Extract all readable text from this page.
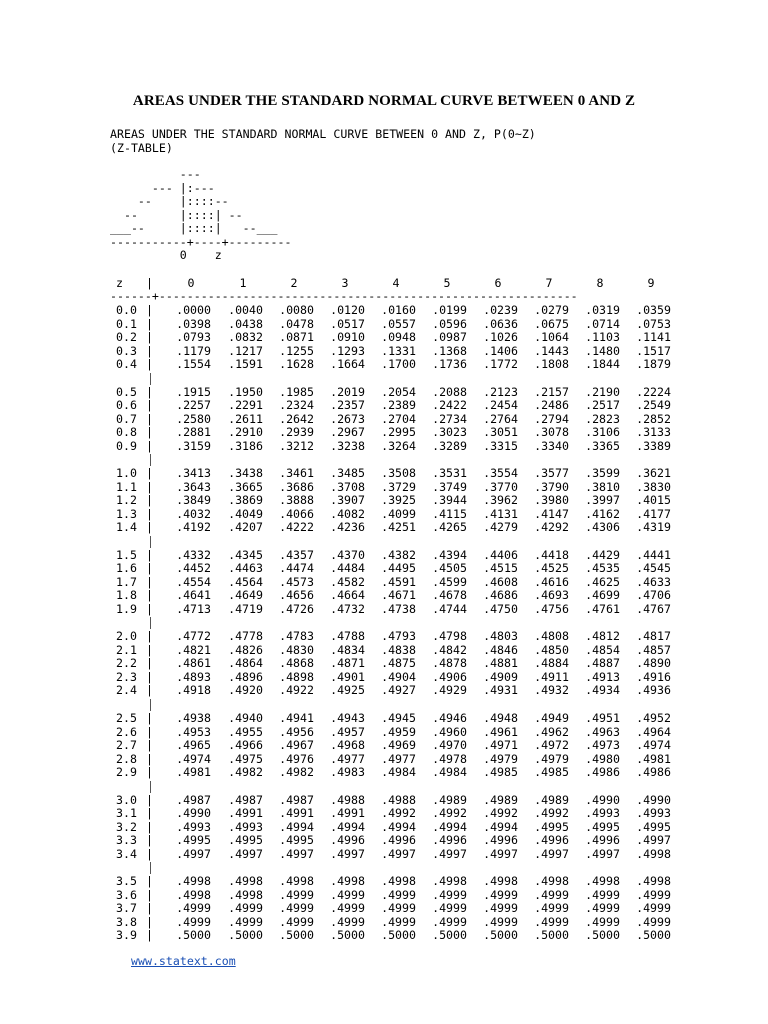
AREAS UNDER THE STANDARD NORMAL CURVE BETWEEN 0 AND Z
AREAS UNDER THE STANDARD NORMAL CURVE BETWEEN 0 AND Z, P(0~Z)
(Z-TABLE)
---
--- |:---
--    |::::--
--      |::::| --
___--     |::::|   --___
-----------+----+---------
0    z
z |	0	1	2	3	4	5	6	7	8	9
------+------------------------------------------------------------
0.0 |	.0000	.0040	.0080	.0120	.0160	.0199	.0239	.0279	.0319	.0359
0.1 |	.0398	.0438	.0478	.0517	.0557	.0596	.0636	.0675	.0714	.0753
0.2 |	.0793	.0832	.0871	.0910	.0948	.0987	.1026	.1064	.1103	.1141
0.3 |	.1179	.1217	.1255	.1293	.1331	.1368	.1406	.1443	.1480	.1517
0.4 |	.1554	.1591	.1628	.1664	.1700	.1736	.1772	.1808	.1844	.1879
0.5 |	.1915	.1950	.1985	.2019	.2054	.2088	.2123	.2157	.2190	.2224
0.6 |	.2257	.2291	.2324	.2357	.2389	.2422	.2454	.2486	.2517	.2549
0.7 |	.2580	.2611	.2642	.2673	.2704	.2734	.2764	.2794	.2823	.2852
0.8 |	.2881	.2910	.2939	.2967	.2995	.3023	.3051	.3078	.3106	.3133
0.9 |	.3159	.3186	.3212	.3238	.3264	.3289	.3315	.3340	.3365	.3389
1.0 |	.3413	.3438	.3461	.3485	.3508	.3531	.3554	.3577	.3599	.3621
1.1 |	.3643	.3665	.3686	.3708	.3729	.3749	.3770	.3790	.3810	.3830
1.2 |	.3849	.3869	.3888	.3907	.3925	.3944	.3962	.3980	.3997	.4015
1.3 |	.4032	.4049	.4066	.4082	.4099	.4115	.4131	.4147	.4162	.4177
1.4 |	.4192	.4207	.4222	.4236	.4251	.4265	.4279	.4292	.4306	.4319
1.5 |	.4332	.4345	.4357	.4370	.4382	.4394	.4406	.4418	.4429	.4441
1.6 |	.4452	.4463	.4474	.4484	.4495	.4505	.4515	.4525	.4535	.4545
1.7 |	.4554	.4564	.4573	.4582	.4591	.4599	.4608	.4616	.4625	.4633
1.8 |	.4641	.4649	.4656	.4664	.4671	.4678	.4686	.4693	.4699	.4706
1.9 |	.4713	.4719	.4726	.4732	.4738	.4744	.4750	.4756	.4761	.4767
2.0 |	.4772	.4778	.4783	.4788	.4793	.4798	.4803	.4808	.4812	.4817
2.1 |	.4821	.4826	.4830	.4834	.4838	.4842	.4846	.4850	.4854	.4857
2.2 |	.4861	.4864	.4868	.4871	.4875	.4878	.4881	.4884	.4887	.4890
2.3 |	.4893	.4896	.4898	.4901	.4904	.4906	.4909	.4911	.4913	.4916
2.4 |	.4918	.4920	.4922	.4925	.4927	.4929	.4931	.4932	.4934	.4936
2.5 |	.4938	.4940	.4941	.4943	.4945	.4946	.4948	.4949	.4951	.4952
2.6 |	.4953	.4955	.4956	.4957	.4959	.4960	.4961	.4962	.4963	.4964
2.7 |	.4965	.4966	.4967	.4968	.4969	.4970	.4971	.4972	.4973	.4974
2.8 |	.4974	.4975	.4976	.4977	.4977	.4978	.4979	.4979	.4980	.4981
2.9 |	.4981	.4982	.4982	.4983	.4984	.4984	.4985	.4985	.4986	.4986
3.0 |	.4987	.4987	.4987	.4988	.4988	.4989	.4989	.4989	.4990	.4990
3.1 |	.4990	.4991	.4991	.4991	.4992	.4992	.4992	.4992	.4993	.4993
3.2 |	.4993	.4993	.4994	.4994	.4994	.4994	.4994	.4995	.4995	.4995
3.3 |	.4995	.4995	.4995	.4996	.4996	.4996	.4996	.4996	.4996	.4997
3.4 |	.4997	.4997	.4997	.4997	.4997	.4997	.4997	.4997	.4997	.4998
3.5 |	.4998	.4998	.4998	.4998	.4998	.4998	.4998	.4998	.4998	.4998
3.6 |	.4998	.4998	.4999	.4999	.4999	.4999	.4999	.4999	.4999	.4999
3.7 |	.4999	.4999	.4999	.4999	.4999	.4999	.4999	.4999	.4999	.4999
3.8 |	.4999	.4999	.4999	.4999	.4999	.4999	.4999	.4999	.4999	.4999
3.9 |	.5000	.5000	.5000	.5000	.5000	.5000	.5000	.5000	.5000	.5000
www.statext.com
